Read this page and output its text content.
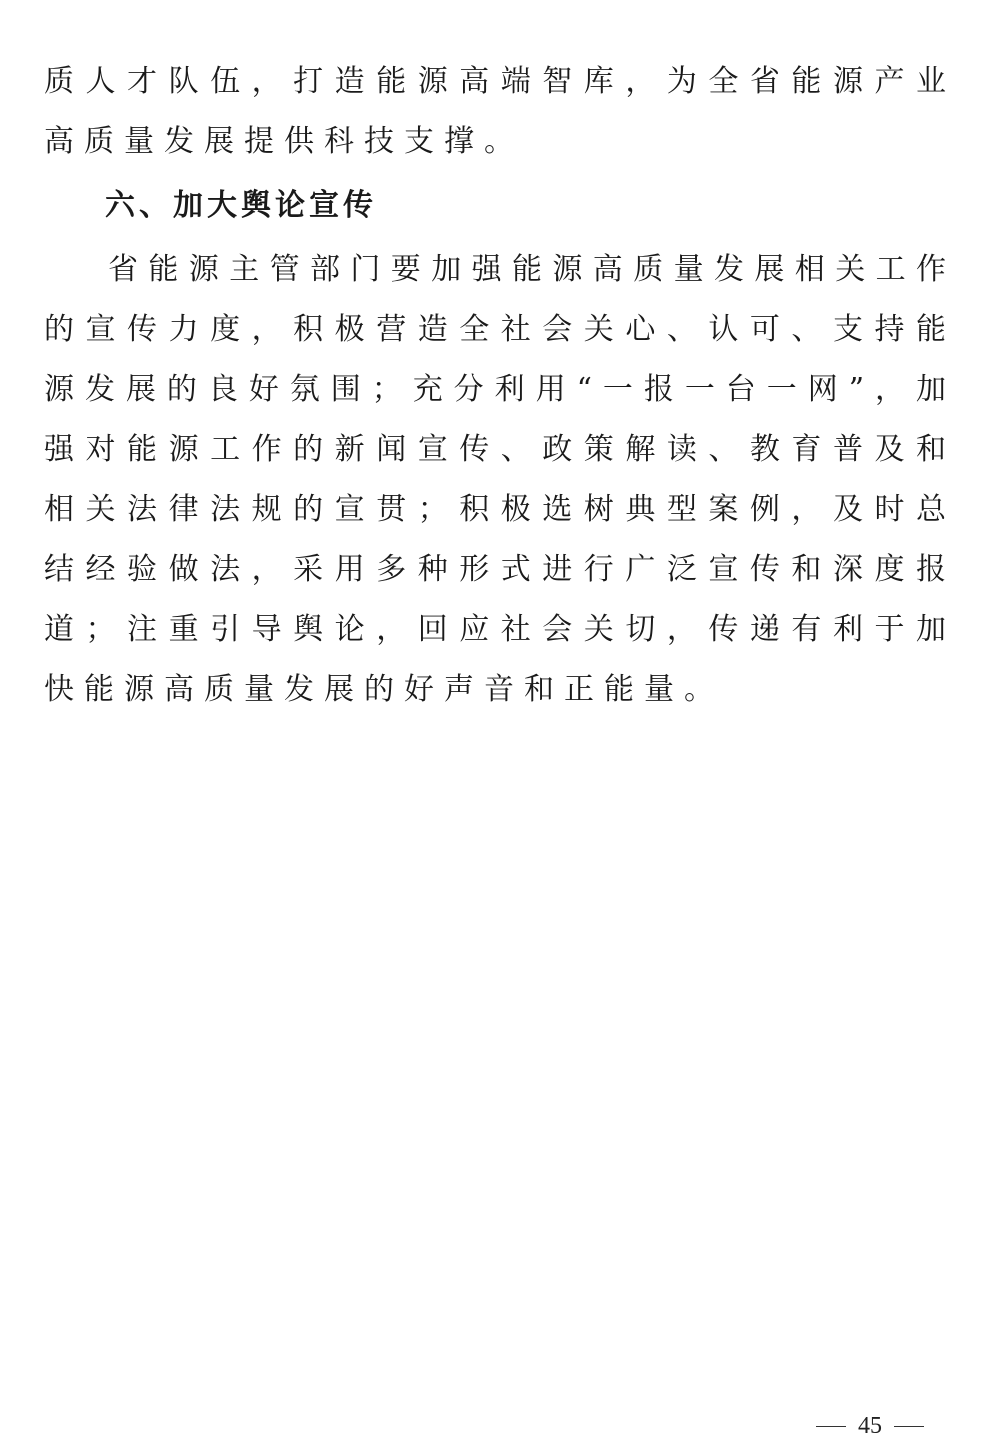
质人才队伍，打造能源高端智库，为全省能源产业高质量发展提供科技支撑。

六、加大舆论宣传

省能源主管部门要加强能源高质量发展相关工作的宣传力度，积极营造全社会关心、认可、支持能源发展的良好氛围；充分利用“一报一台一网”，加强对能源工作的新闻宣传、政策解读、教育普及和相关法律法规的宣贯；积极选树典型案例，及时总结经验做法，采用多种形式进行广泛宣传和深度报道；注重引导舆论，回应社会关切，传递有利于加快能源高质量发展的好声音和正能量。

45
